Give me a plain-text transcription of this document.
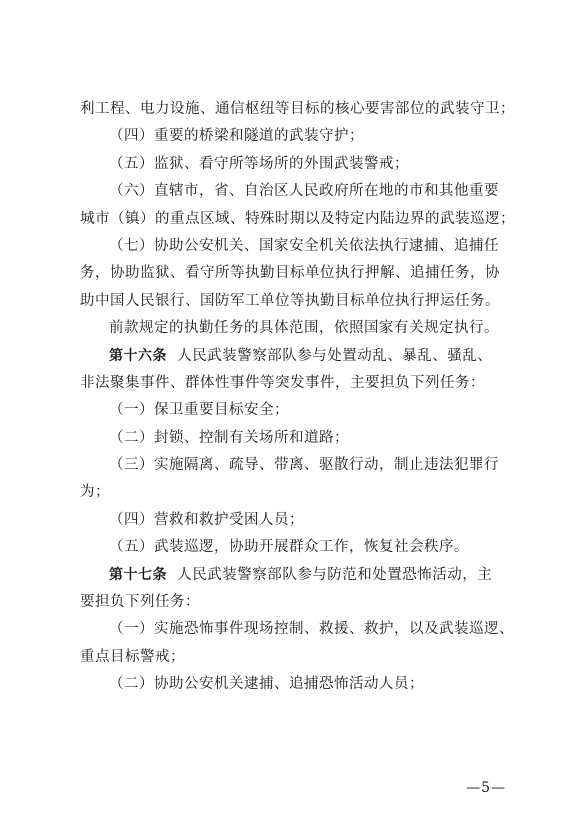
利工程、电力设施、通信枢纽等目标的核心要害部位的武装守卫；
（四）重要的桥梁和隧道的武装守护；
（五）监狱、看守所等场所的外围武装警戒；
（六）直辖市，省、自治区人民政府所在地的市和其他重要
城市（镇）的重点区域、特殊时期以及特定内陆边界的武装巡逻；
（七）协助公安机关、国家安全机关依法执行逮捕、追捕任
务，协助监狱、看守所等执勤目标单位执行押解、追捕任务，协
助中国人民银行、国防军工单位等执勤目标单位执行押运任务。
前款规定的执勤任务的具体范围，依照国家有关规定执行。
第十六条 人民武装警察部队参与处置动乱、暴乱、骚乱、
非法聚集事件、群体性事件等突发事件，主要担负下列任务：
（一）保卫重要目标安全；
（二）封锁、控制有关场所和道路；
（三）实施隔离、疏导、带离、驱散行动，制止违法犯罪行
为；
（四）营救和救护受困人员；
（五）武装巡逻，协助开展群众工作，恢复社会秩序。
第十七条 人民武装警察部队参与防范和处置恐怖活动，主
要担负下列任务：
（一）实施恐怖事件现场控制、救援、救护，以及武装巡逻、
重点目标警戒；
（二）协助公安机关逮捕、追捕恐怖活动人员；
—5—
